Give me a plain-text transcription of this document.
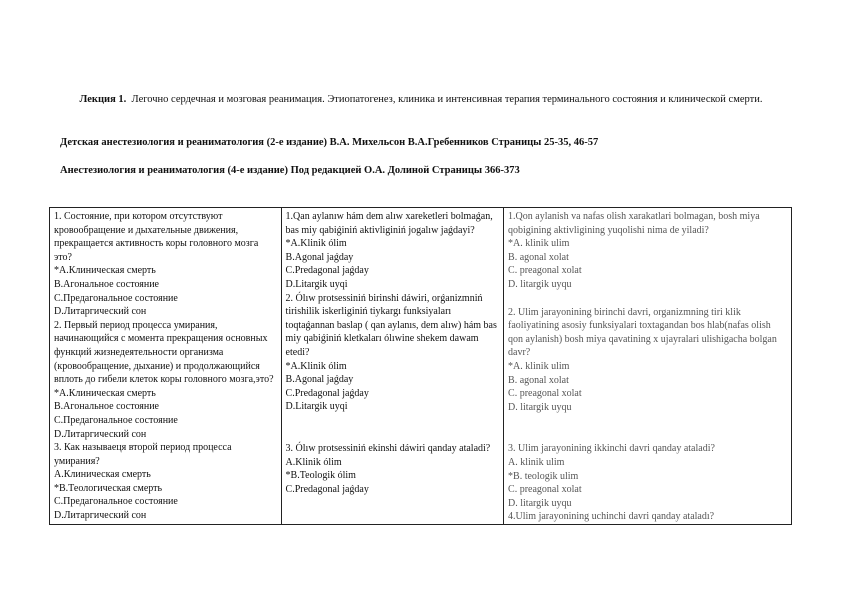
Лекция 1. Легочно сердечная и мозговая реанимация. Этиопатогенез, клиника и интенсивная терапия терминального состояния и клинической смерти.
Детская анестезиология и реаниматология (2-е издание) В.А. Михельсон В.А.Гребенников Страницы 25-35, 46-57
Анестезиология и реаниматология (4-е издание) Под редакцией О.А. Долиной Страницы 366-373
1. Состояние, при котором отсутствуют кровообращение и дыхательные движения, прекращается активность коры головного мозга это?
*А.Клиническая смерть
В.Агональное состояние
С.Предагональное состояние
D.Литаргический сон
2. Первый период процесса умирания, начинающийся с момента прекращения основных функций жизнедеятельности организма (кровообращение, дыхание) и продолжающийся вплоть до гибели клеток коры головного мозга,это?
*А.Клиническая смерть
В.Агональное состояние
С.Предагональное состояние
D.Литаргический сон
3. Как называеця второй период процесса умирания?
А.Клиническая смерть
*В.Теологическая смерть
С.Предагональное состояние
D.Литаргический сон

1.Qan aylanıw hám dem alıw xareketleri bolmaǵan, bas miy qabiǵiniń aktivliginiń jogalıw jaǵdayi?
*A.Klinik ólim
B.Agonal jaǵday
C.Predagonal jaǵday
D.Litargik uyqi
2. Ólıw protsessiniń birinshi dáwiri, orǵanizmniń tirishilik iskerliginiń tiykargı funksiyaları toqtaǵannan baslap ( qan aylanıs, dem alıw) hám bas miy qabiǵiniń kletkaları ólıwine shekem dawam etedi?
*A.Klinik ólim
B.Agonal jaǵday
C.Predagonal jaǵday
D.Litargik uyqi
3. Ólıw protsessiniń ekinshi dáwiri qanday ataladi?
A.Klinik ólim
*B.Teologik ólim
C.Predagonal jaǵday

1.Qon aylanish va nafas olish xarakatlari bolmagan, bosh miya qobigining aktivligining yuqolishi nima de yiladi?
*A. klinik ulim
B. agonal xolat
C. preagonal xolat
D. litargik uyqu
2. Ulim jarayonining birinchi davri, organizmning tiri klik faoliyatining asosiy funksiyalari toxtagandan bos hlab(nafas olish qon aylanish) bosh miya qavatining x ujayralari ulishigacha bolgan davr?
*A. klinik ulim
B. agonal xolat
C. preagonal xolat
D. litargik uyqu
3. Ulim jarayonining ikkinchi davri qanday ataladi?
A. klinik ulim
*B. teologik ulim
C. preagonal xolat
D. litargik uyqu
4.Ulim jarayonining uchinchi davri qanday ataladı?
